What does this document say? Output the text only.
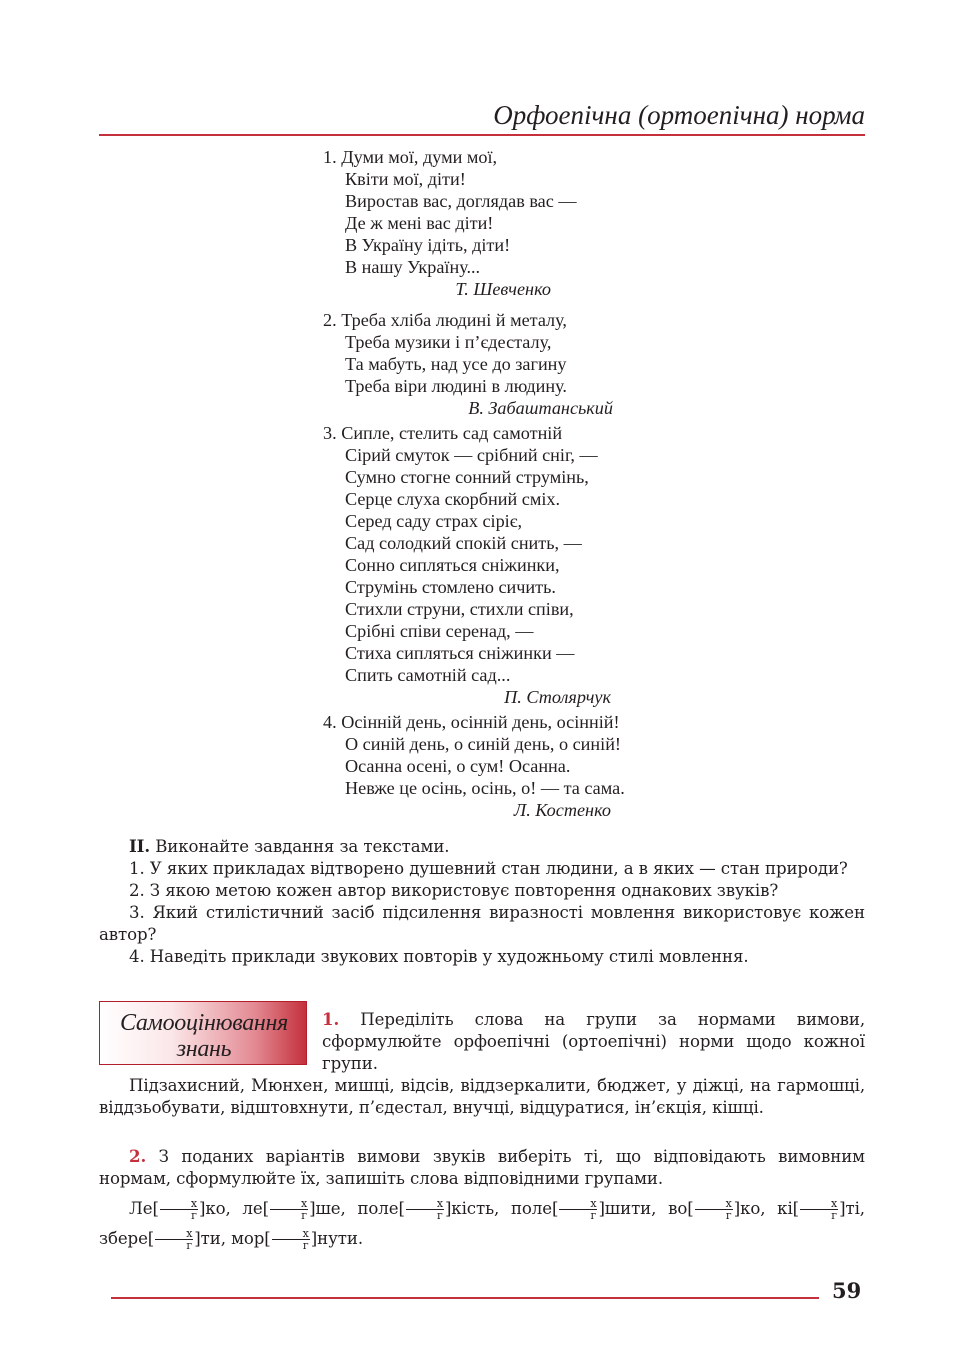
Орфоепічна (ортоепічна) норма
1. Думи мої, думи мої,
Квіти мої, діти!
Виростав вас, доглядав вас —
Де ж мені вас діти!
В Україну ідіть, діти!
В нашу Україну...
Т. Шевченко
2. Треба хліба людині й металу,
Треба музики і п’єдесталу,
Та мабуть, над усе до загину
Треба віри людині в людину.
В. Забаштанський
3. Сипле, стелить сад самотній
Сірий смуток — срібний сніг, —
Сумно стогне сонний струмінь,
Серце слуха скорбний сміх.
Серед саду страх сіріє,
Сад солодкий спокій снить, —
Сонно сипляться сніжинки,
Струмінь стомлено сичить.
Стихли струни, стихли співи,
Срібні співи серенад, —
Стиха сипляться сніжинки —
Спить самотній сад...
П. Столярчук
4. Осінній день, осінній день, осінній!
О синій день, о синій день, о синій!
Осанна осені, о сум! Осанна.
Невже це осінь, осінь, о! — та сама.
Л. Костенко

II. Виконайте завдання за текстами.

1. У яких прикладах відтворено душевний стан людини, а в яких — стан природи?

2. З якою метою кожен автор використовує повторення однакових звуків?

3. Який стилістичний засіб підсилення виразності мовлення використовує кожен автор?

4. Наведіть приклади звукових повторів у художньому стилі мовлення.

Самооцінювання
знань

1. Переділіть слова на групи за нормами вимови, сформулюйте орфоепічні (ортоепічні) норми щодо кожної групи.

Підзахисний, Мюнхен, мишці, відсів, віддзеркалити, бюджет, у діжці, на гармошці, віддзьобувати, відштовхнути, п’єдестал, внучці, відцуратися, ін’єкція, кішці.

2. З поданих варіантів вимови звуків виберіть ті, що відповідають вимовним нормам, сформулюйте їх, запишіть слова відповідними групами.

$Ле[ \frac{х}{г} ]ко$, $ле[ \frac{х}{г} ]ше$, поле[ $\frac{х}{г}$ ]кість, поле[ $\frac{х}{г}$ ]шити, $во[ \frac{х}{г} ]ко$, $кі[ \frac{х}{г} ]ті$, збере[ $\frac{х}{г} ]ти$, $мор[ \frac{х}{г}$ ]нути.

59
